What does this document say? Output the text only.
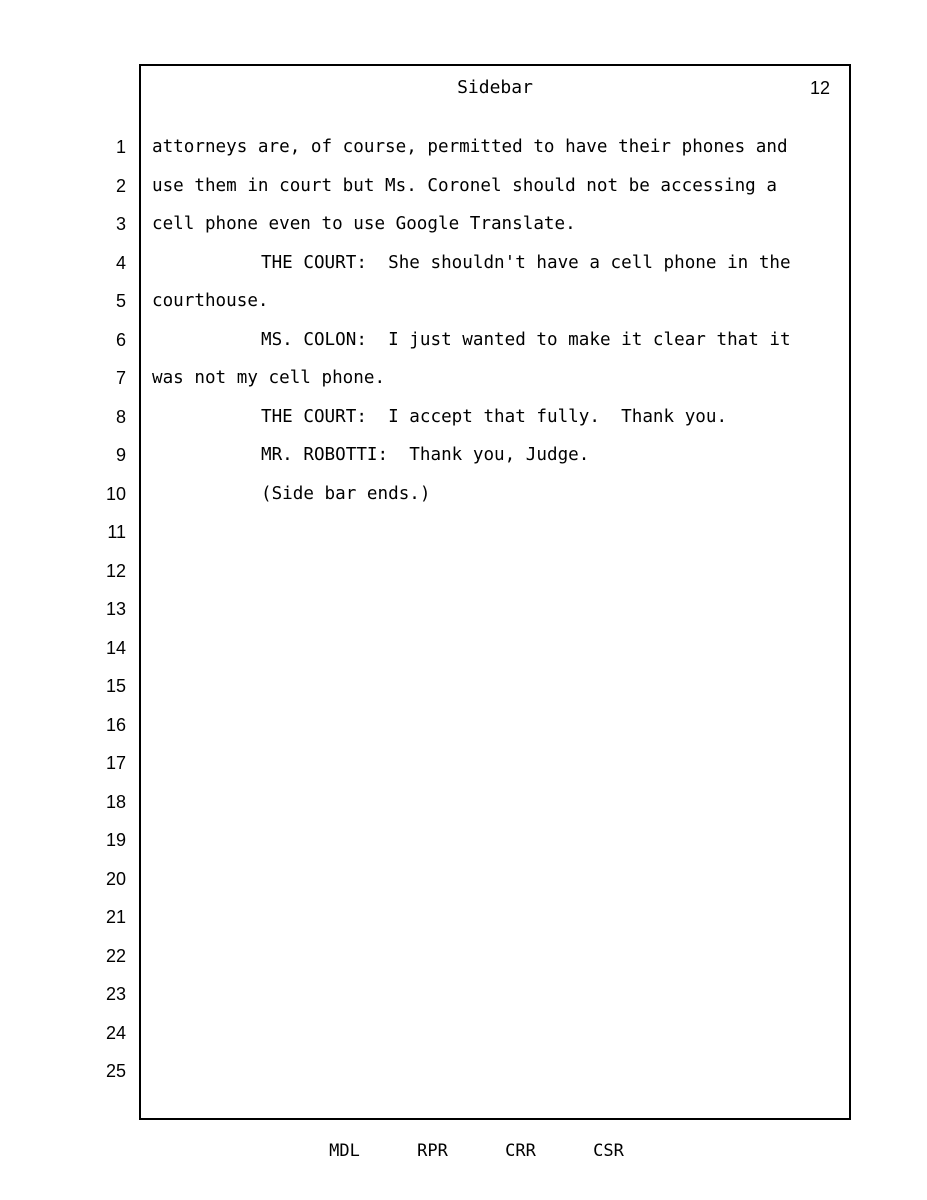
Sidebar	12
1
2
3
4
5
6
7
8
9
10
11
12
13
14
15
16
17
18
19
20
21
22
23
24
25
attorneys are, of course, permitted to have their phones and
use them in court but Ms. Coronel should not be accessing a
cell phone even to use Google Translate.
THE COURT:  She shouldn't have a cell phone in the
courthouse.
MS. COLON:  I just wanted to make it clear that it
was not my cell phone.
THE COURT:  I accept that fully.  Thank you.
MR. ROBOTTI:  Thank you, Judge.
(Side bar ends.)
MDL	RPR	CRR	CSR
